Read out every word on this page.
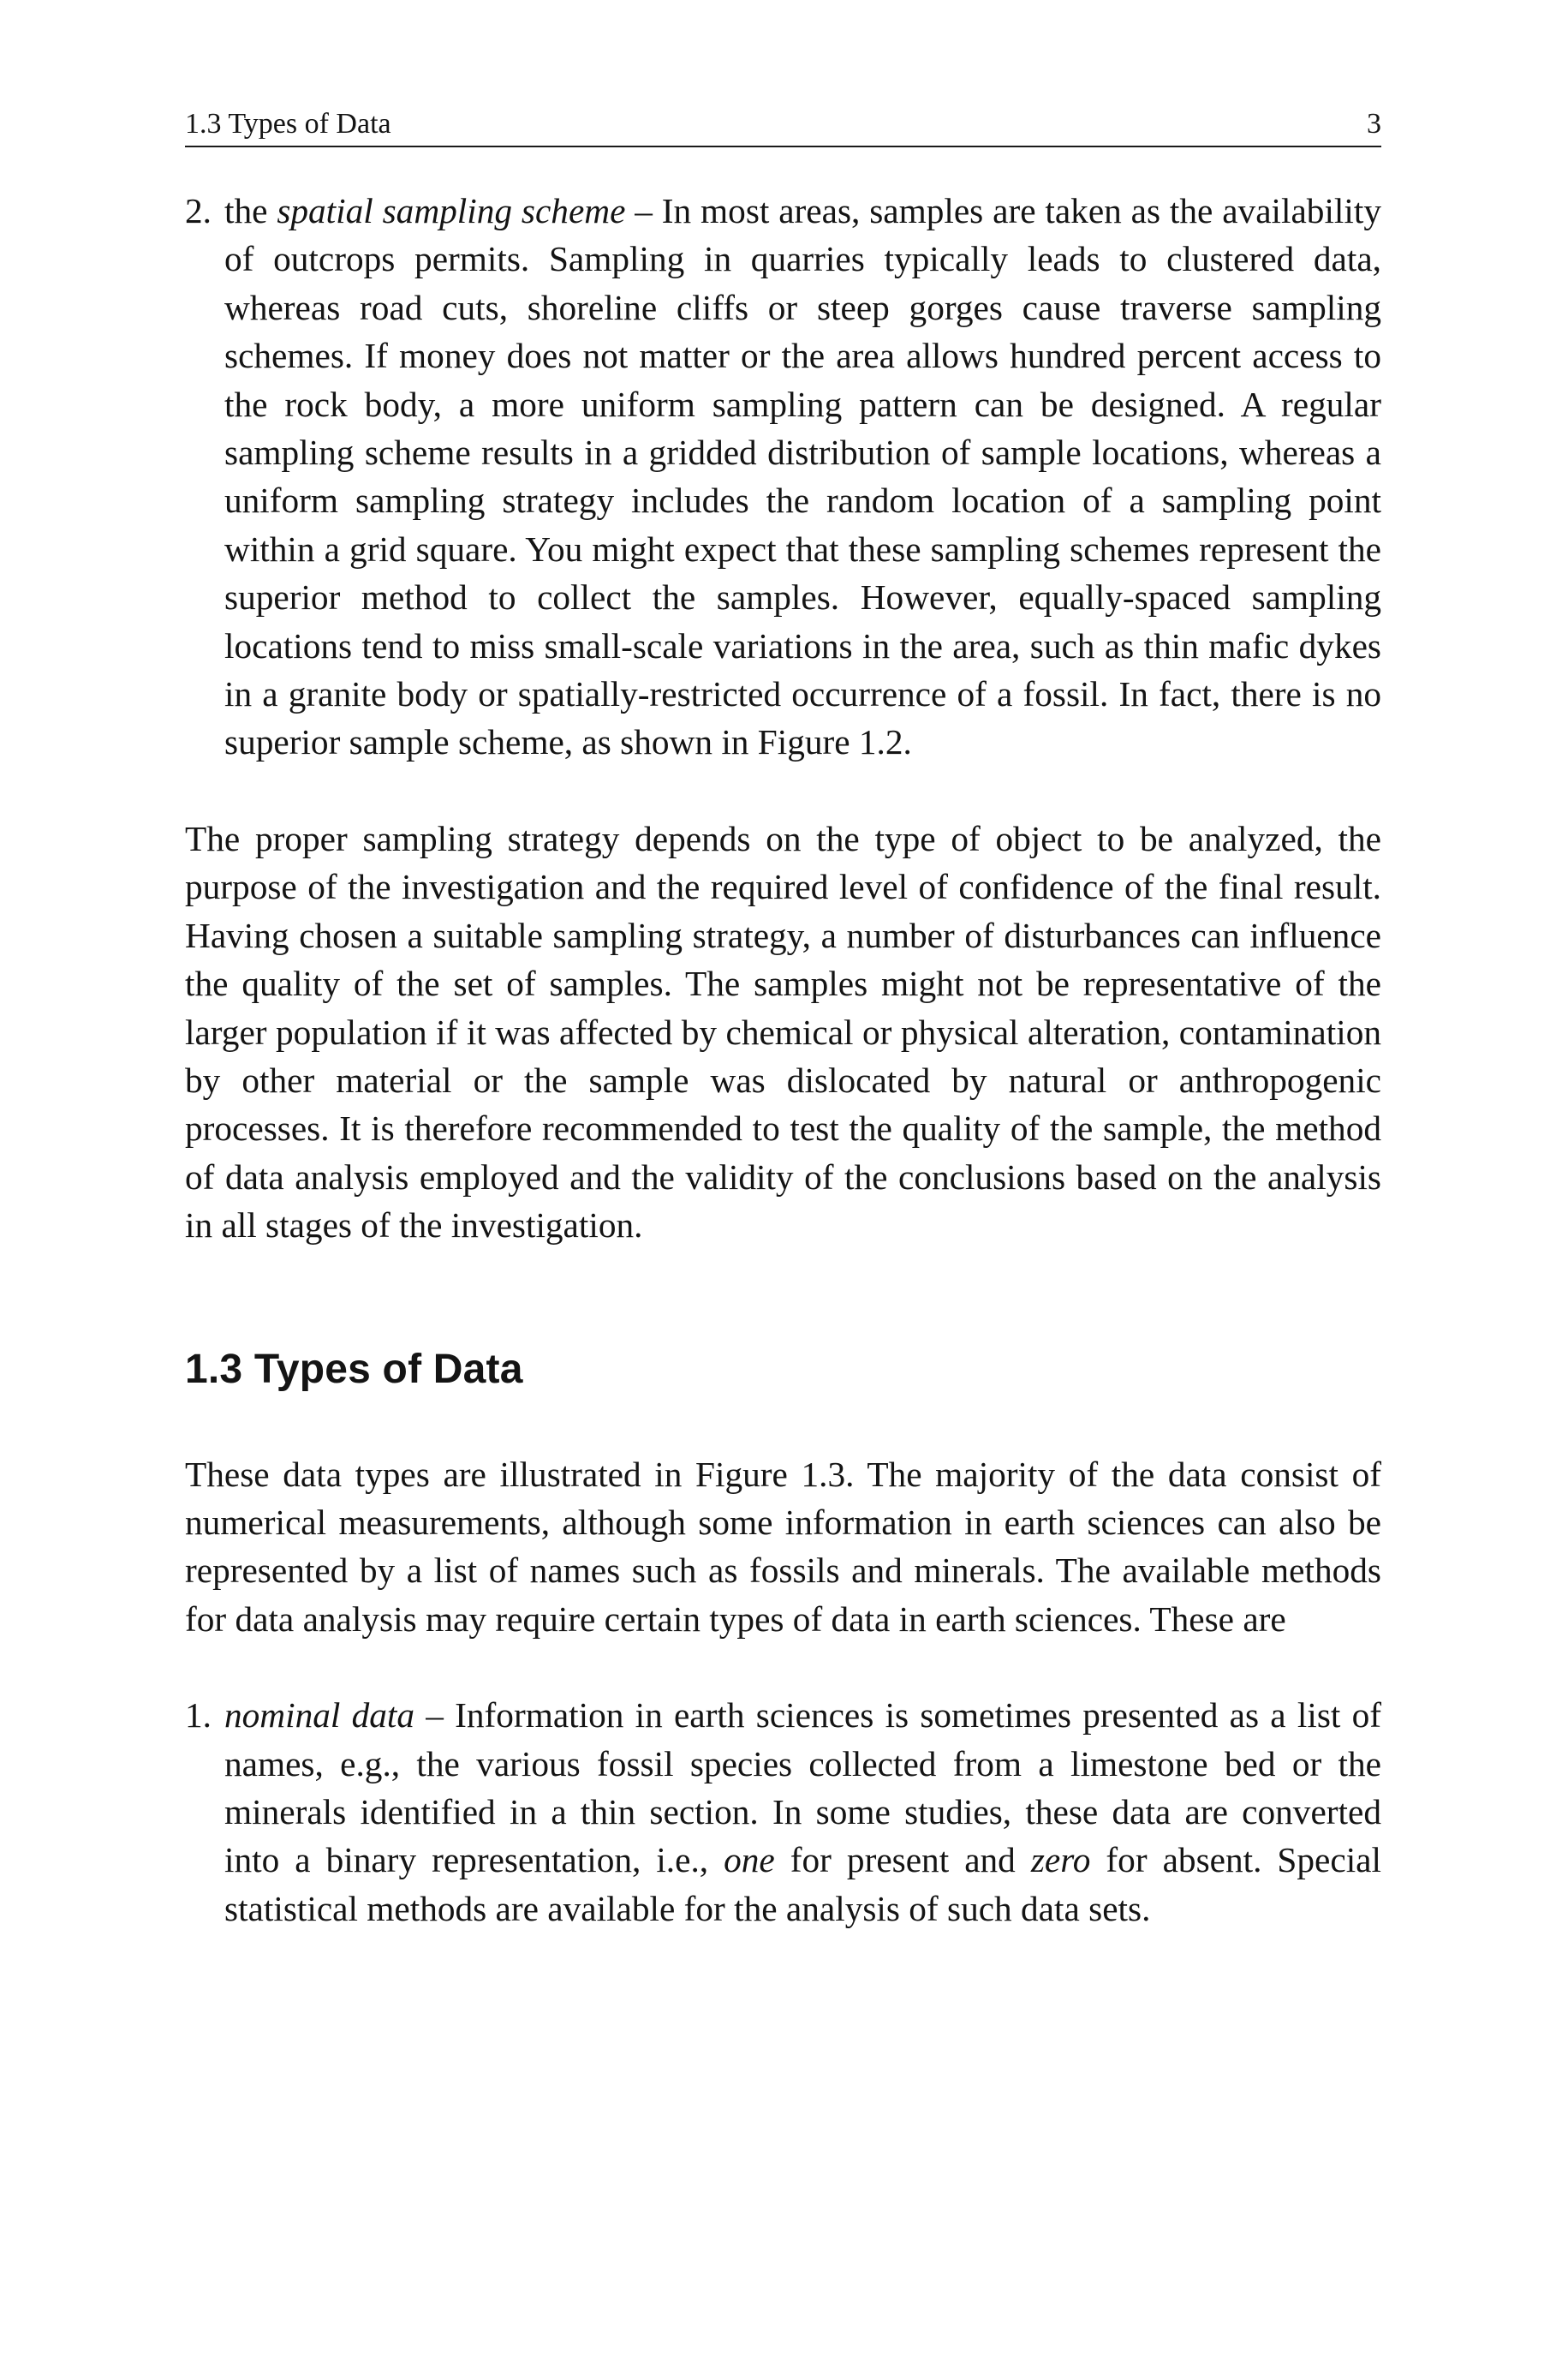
1.3 Types of Data	3
2. the spatial sampling scheme – In most areas, samples are taken as the availability of outcrops permits. Sampling in quarries typically leads to clustered data, whereas road cuts, shoreline cliffs or steep gorges cause traverse sampling schemes. If money does not matter or the area allows hundred percent access to the rock body, a more uniform sampling pattern can be designed. A regular sampling scheme results in a gridded distribution of sample locations, whereas a uniform sampling strategy includes the random location of a sampling point within a grid square. You might expect that these sampling schemes represent the superior method to collect the samples. However, equally-spaced sampling locations tend to miss small-scale variations in the area, such as thin mafic dykes in a granite body or spatially-restricted occurrence of a fossil. In fact, there is no superior sample scheme, as shown in Figure 1.2.

The proper sampling strategy depends on the type of object to be analyzed, the purpose of the investigation and the required level of confidence of the final result. Having chosen a suitable sampling strategy, a number of disturbances can influence the quality of the set of samples. The samples might not be representative of the larger population if it was affected by chemical or physical alteration, contamination by other material or the sample was dislocated by natural or anthropogenic processes. It is therefore recommended to test the quality of the sample, the method of data analysis employed and the validity of the conclusions based on the analysis in all stages of the investigation.

1.3 Types of Data

These data types are illustrated in Figure 1.3. The majority of the data consist of numerical measurements, although some information in earth sciences can also be represented by a list of names such as fossils and minerals. The available methods for data analysis may require certain types of data in earth sciences. These are

1. nominal data – Information in earth sciences is sometimes presented as a list of names, e.g., the various fossil species collected from a limestone bed or the minerals identified in a thin section. In some studies, these data are converted into a binary representation, i.e., one for present and zero for absent. Special statistical methods are available for the analysis of such data sets.
